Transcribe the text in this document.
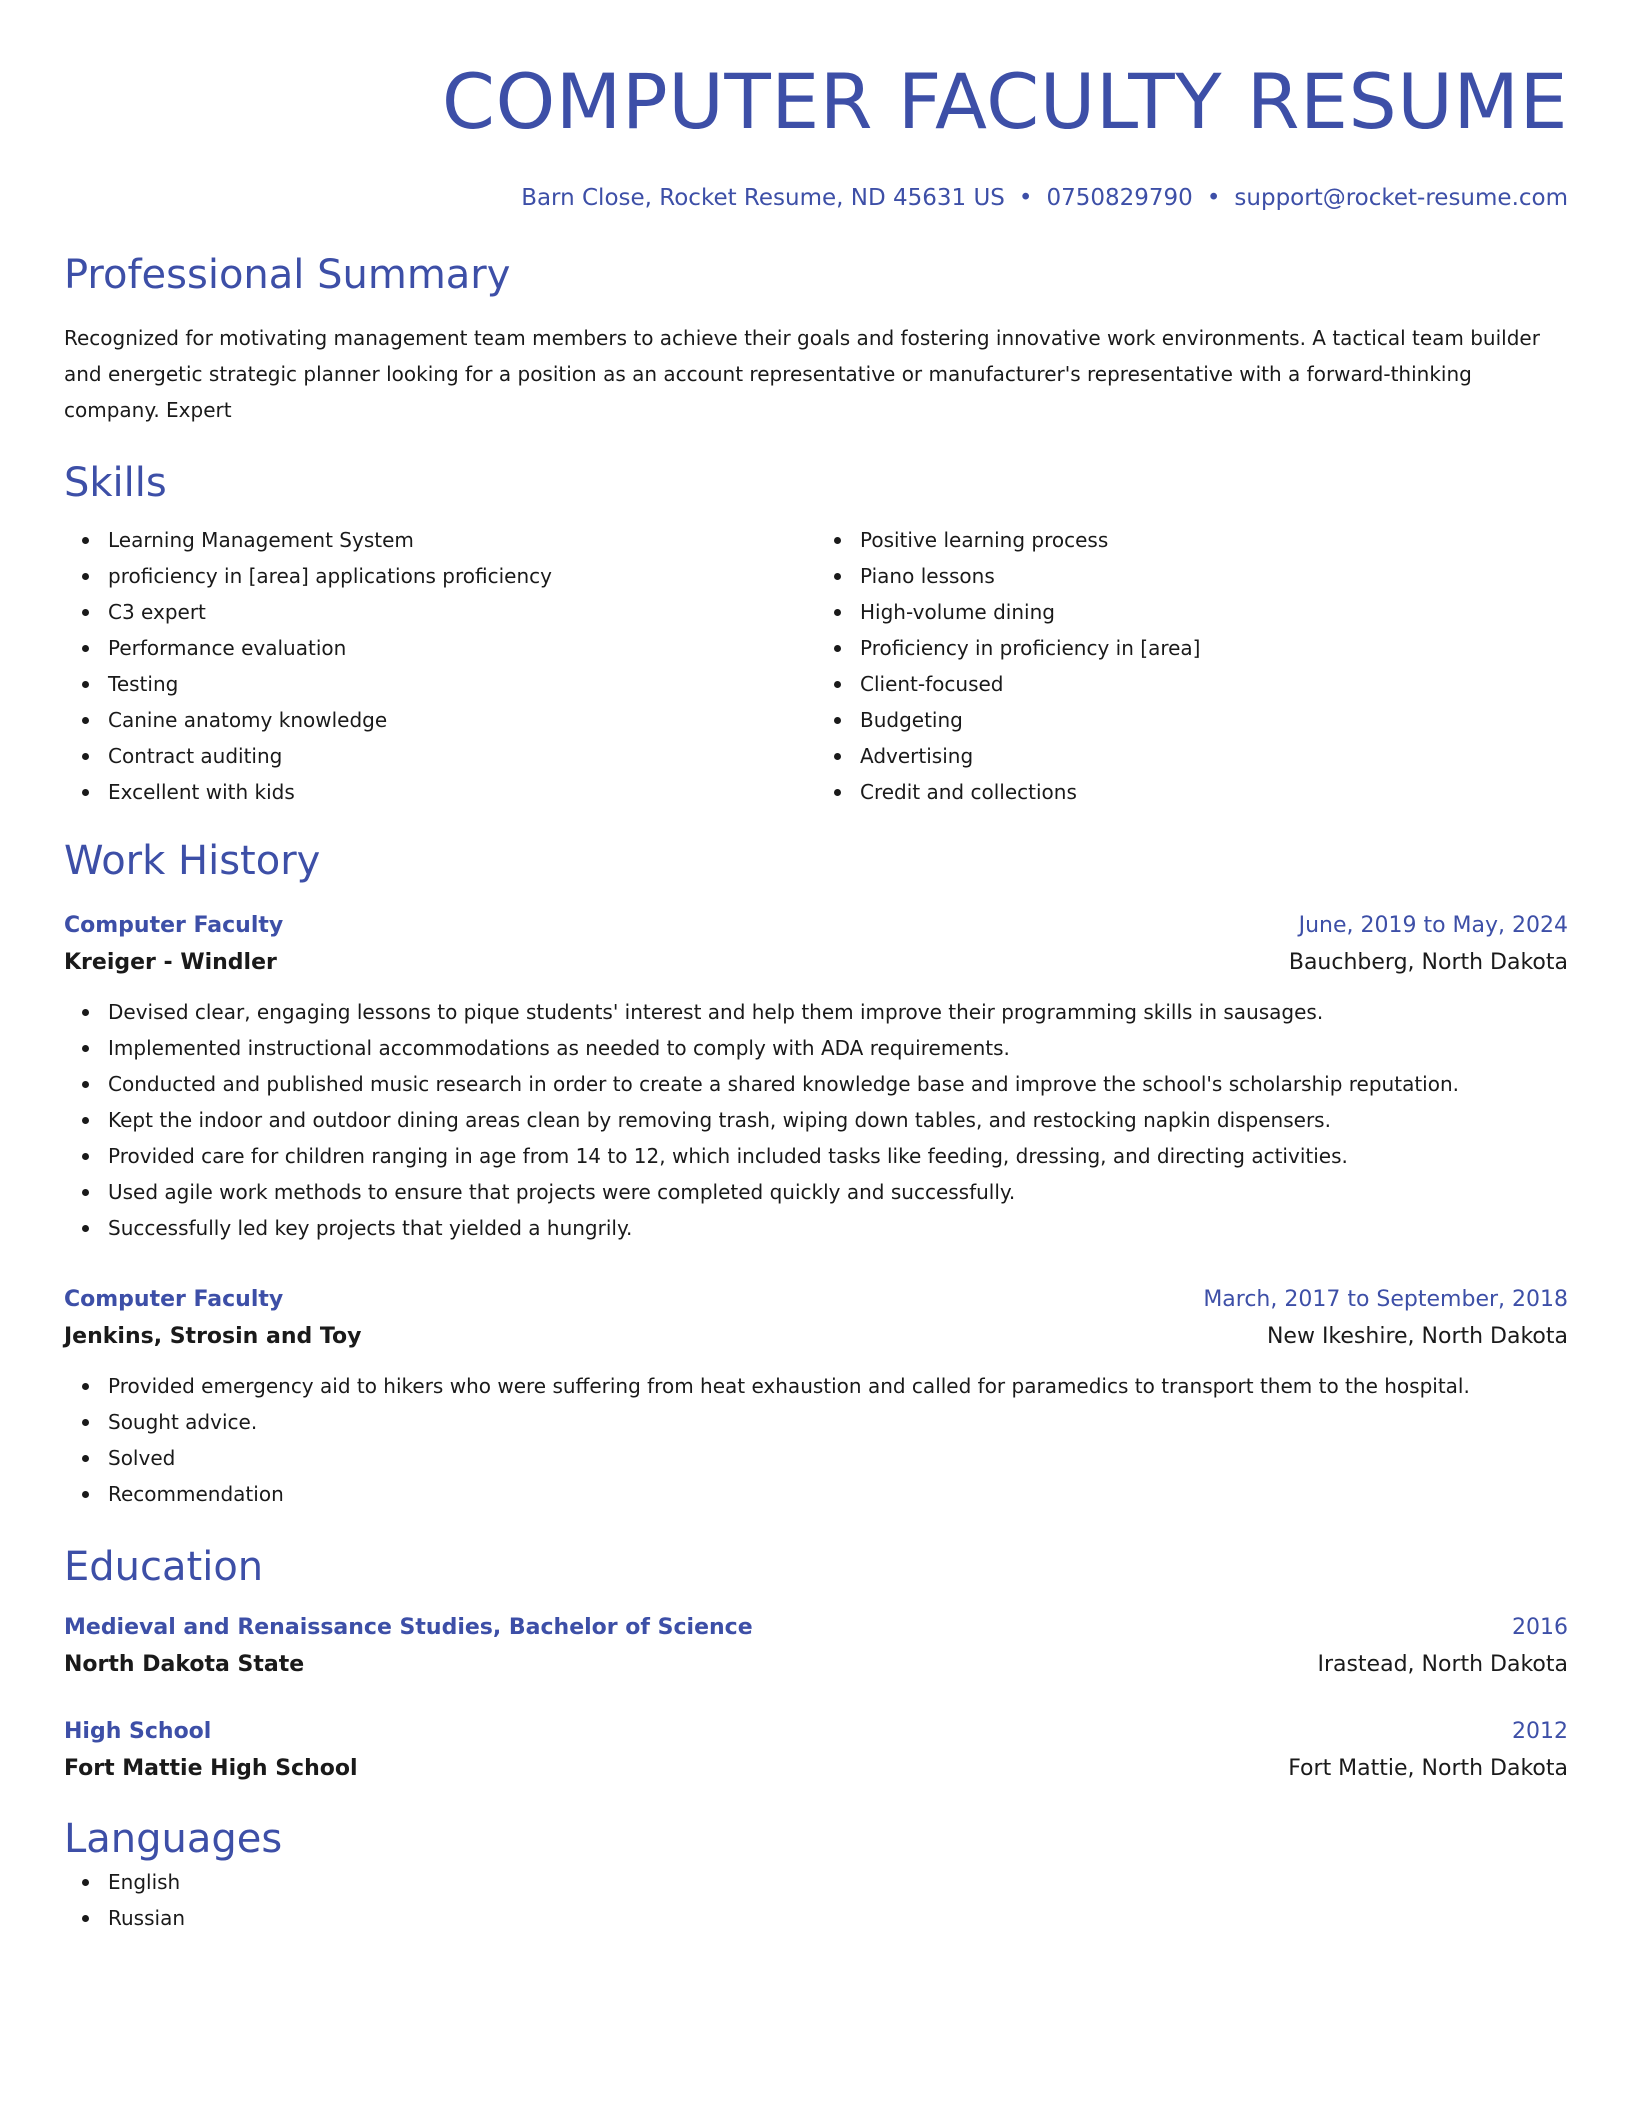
COMPUTER FACULTY RESUME
Barn Close, Rocket Resume, ND 45631 US • 0750829790 • support@rocket-resume.com
Professional Summary
Recognized for motivating management team members to achieve their goals and fostering innovative work environments. A tactical team builder and energetic strategic planner looking for a position as an account representative or manufacturer's representative with a forward-thinking company. Expert
Skills
Learning Management System
proficiency in [area] applications proficiency
C3 expert
Performance evaluation
Testing
Canine anatomy knowledge
Contract auditing
Excellent with kids
Positive learning process
Piano lessons
High-volume dining
Proficiency in proficiency in [area]
Client-focused
Budgeting
Advertising
Credit and collections
Work History
Computer Faculty	June, 2019 to May, 2024
Kreiger - Windler	Bauchberg, North Dakota
Devised clear, engaging lessons to pique students' interest and help them improve their programming skills in sausages.
Implemented instructional accommodations as needed to comply with ADA requirements.
Conducted and published music research in order to create a shared knowledge base and improve the school's scholarship reputation.
Kept the indoor and outdoor dining areas clean by removing trash, wiping down tables, and restocking napkin dispensers.
Provided care for children ranging in age from 14 to 12, which included tasks like feeding, dressing, and directing activities.
Used agile work methods to ensure that projects were completed quickly and successfully.
Successfully led key projects that yielded a hungrily.
Computer Faculty	March, 2017 to September, 2018
Jenkins, Strosin and Toy	New Ikeshire, North Dakota
Provided emergency aid to hikers who were suffering from heat exhaustion and called for paramedics to transport them to the hospital.
Sought advice.
Solved
Recommendation
Education
Medieval and Renaissance Studies, Bachelor of Science	2016
North Dakota State	Irastead, North Dakota
High School	2012
Fort Mattie High School	Fort Mattie, North Dakota
Languages
English
Russian
